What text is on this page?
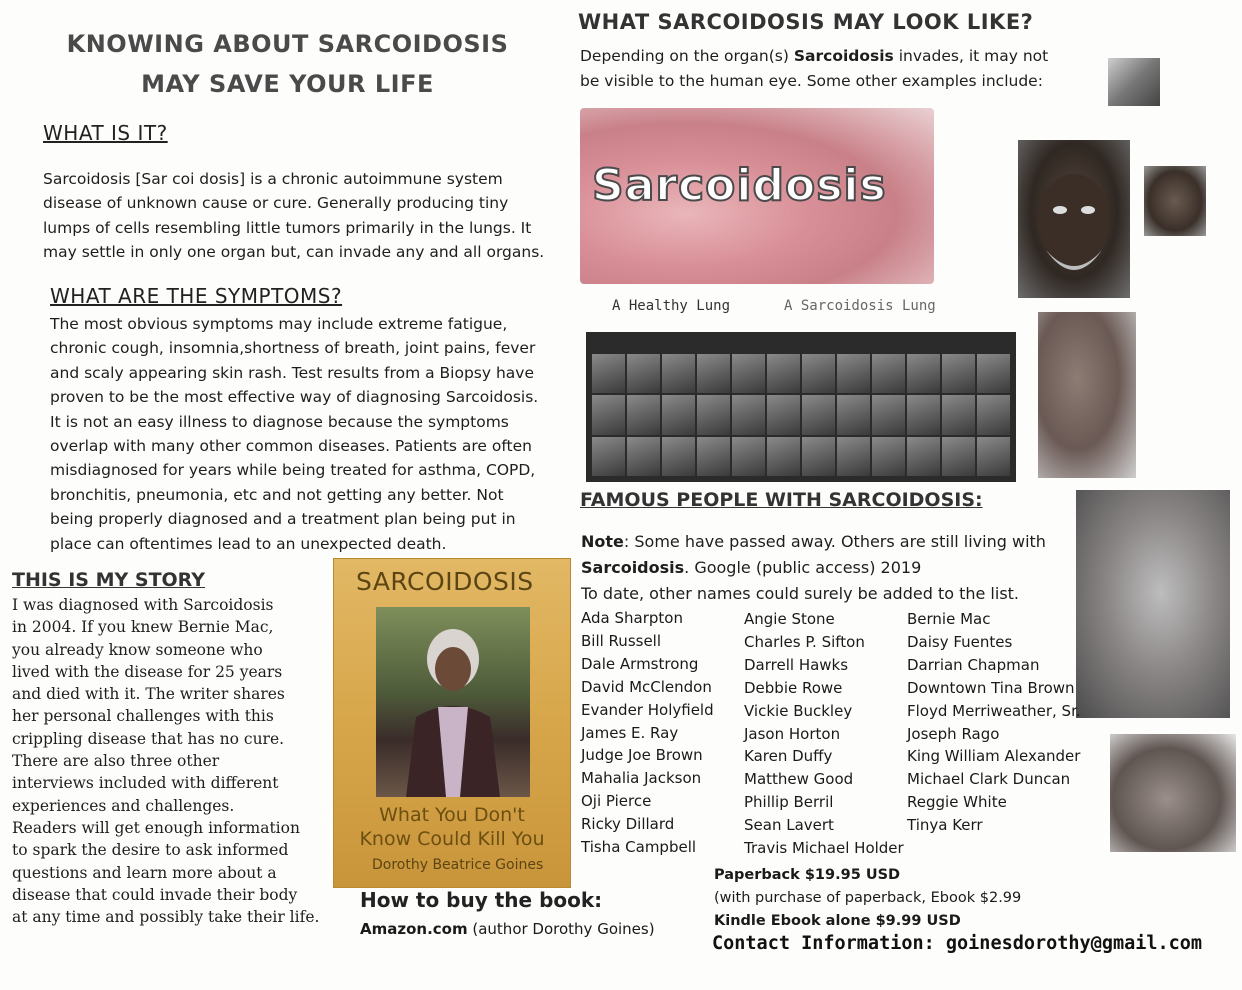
KNOWING ABOUT SARCOIDOSIS
MAY SAVE YOUR LIFE
WHAT IS IT?
Sarcoidosis [Sar coi dosis] is a chronic autoimmune system
disease of unknown cause or cure. Generally producing tiny
lumps of cells resembling little tumors primarily in the lungs. It
may settle in only one organ but, can invade any and all organs.
WHAT ARE THE SYMPTOMS?
The most obvious symptoms may include extreme fatigue,
chronic cough, insomnia,shortness of breath, joint pains, fever
and scaly appearing skin rash. Test results from a Biopsy have
proven to be the most effective way of diagnosing Sarcoidosis.
It is not an easy illness to diagnose because the symptoms
overlap with many other common diseases. Patients are often
misdiagnosed for years while being treated for asthma, COPD,
bronchitis, pneumonia, etc and not getting any better. Not
being properly diagnosed and a treatment plan being put in
place can oftentimes lead to an unexpected death.
THIS IS MY STORY
I was diagnosed with Sarcoidosis
in 2004. If you knew Bernie Mac,
you already know someone who
lived with the disease for 25 years
and died with it. The writer shares
her personal challenges with this
crippling disease that has no cure.
There are also three other
interviews included with different
experiences and challenges.
Readers will get enough information
to spark the desire to ask informed
questions and learn more about a
disease that could invade their body
at any time and possibly take their life.
SARCOIDOSIS
What You Don't
Know Could Kill You
Dorothy Beatrice Goines
How to buy the book:
Amazon.com (author Dorothy Goines)
WHAT SARCOIDOSIS MAY LOOK LIKE?
Depending on the organ(s) Sarcoidosis invades, it may not
be visible to the human eye. Some other examples include:
Sarcoidosis
A Healthy Lung	A Sarcoidosis Lung
FAMOUS PEOPLE WITH SARCOIDOSIS:
Note: Some have passed away. Others are still living with
Sarcoidosis. Google (public access) 2019
To date, other names could surely be added to the list.
Ada Sharpton
Bill Russell
Dale Armstrong
David McClendon
Evander Holyfield
James E. Ray
Judge Joe Brown
Mahalia Jackson
Oji Pierce
Ricky Dillard
Tisha Campbell
Angie Stone
Charles P. Sifton
Darrell Hawks
Debbie Rowe
Vickie Buckley
Jason Horton
Karen Duffy
Matthew Good
Phillip Berril
Sean Lavert
Travis Michael Holder
Bernie Mac
Daisy Fuentes
Darrian Chapman
Downtown Tina Brown
Floyd Merriweather, Sr.
Joseph Rago
King William Alexander
Michael Clark Duncan
Reggie White
Tinya Kerr
Paperback $19.95 USD
(with purchase of paperback, Ebook $2.99
Kindle Ebook alone $9.99 USD
Contact Information: goinesdorothy@gmail.com
